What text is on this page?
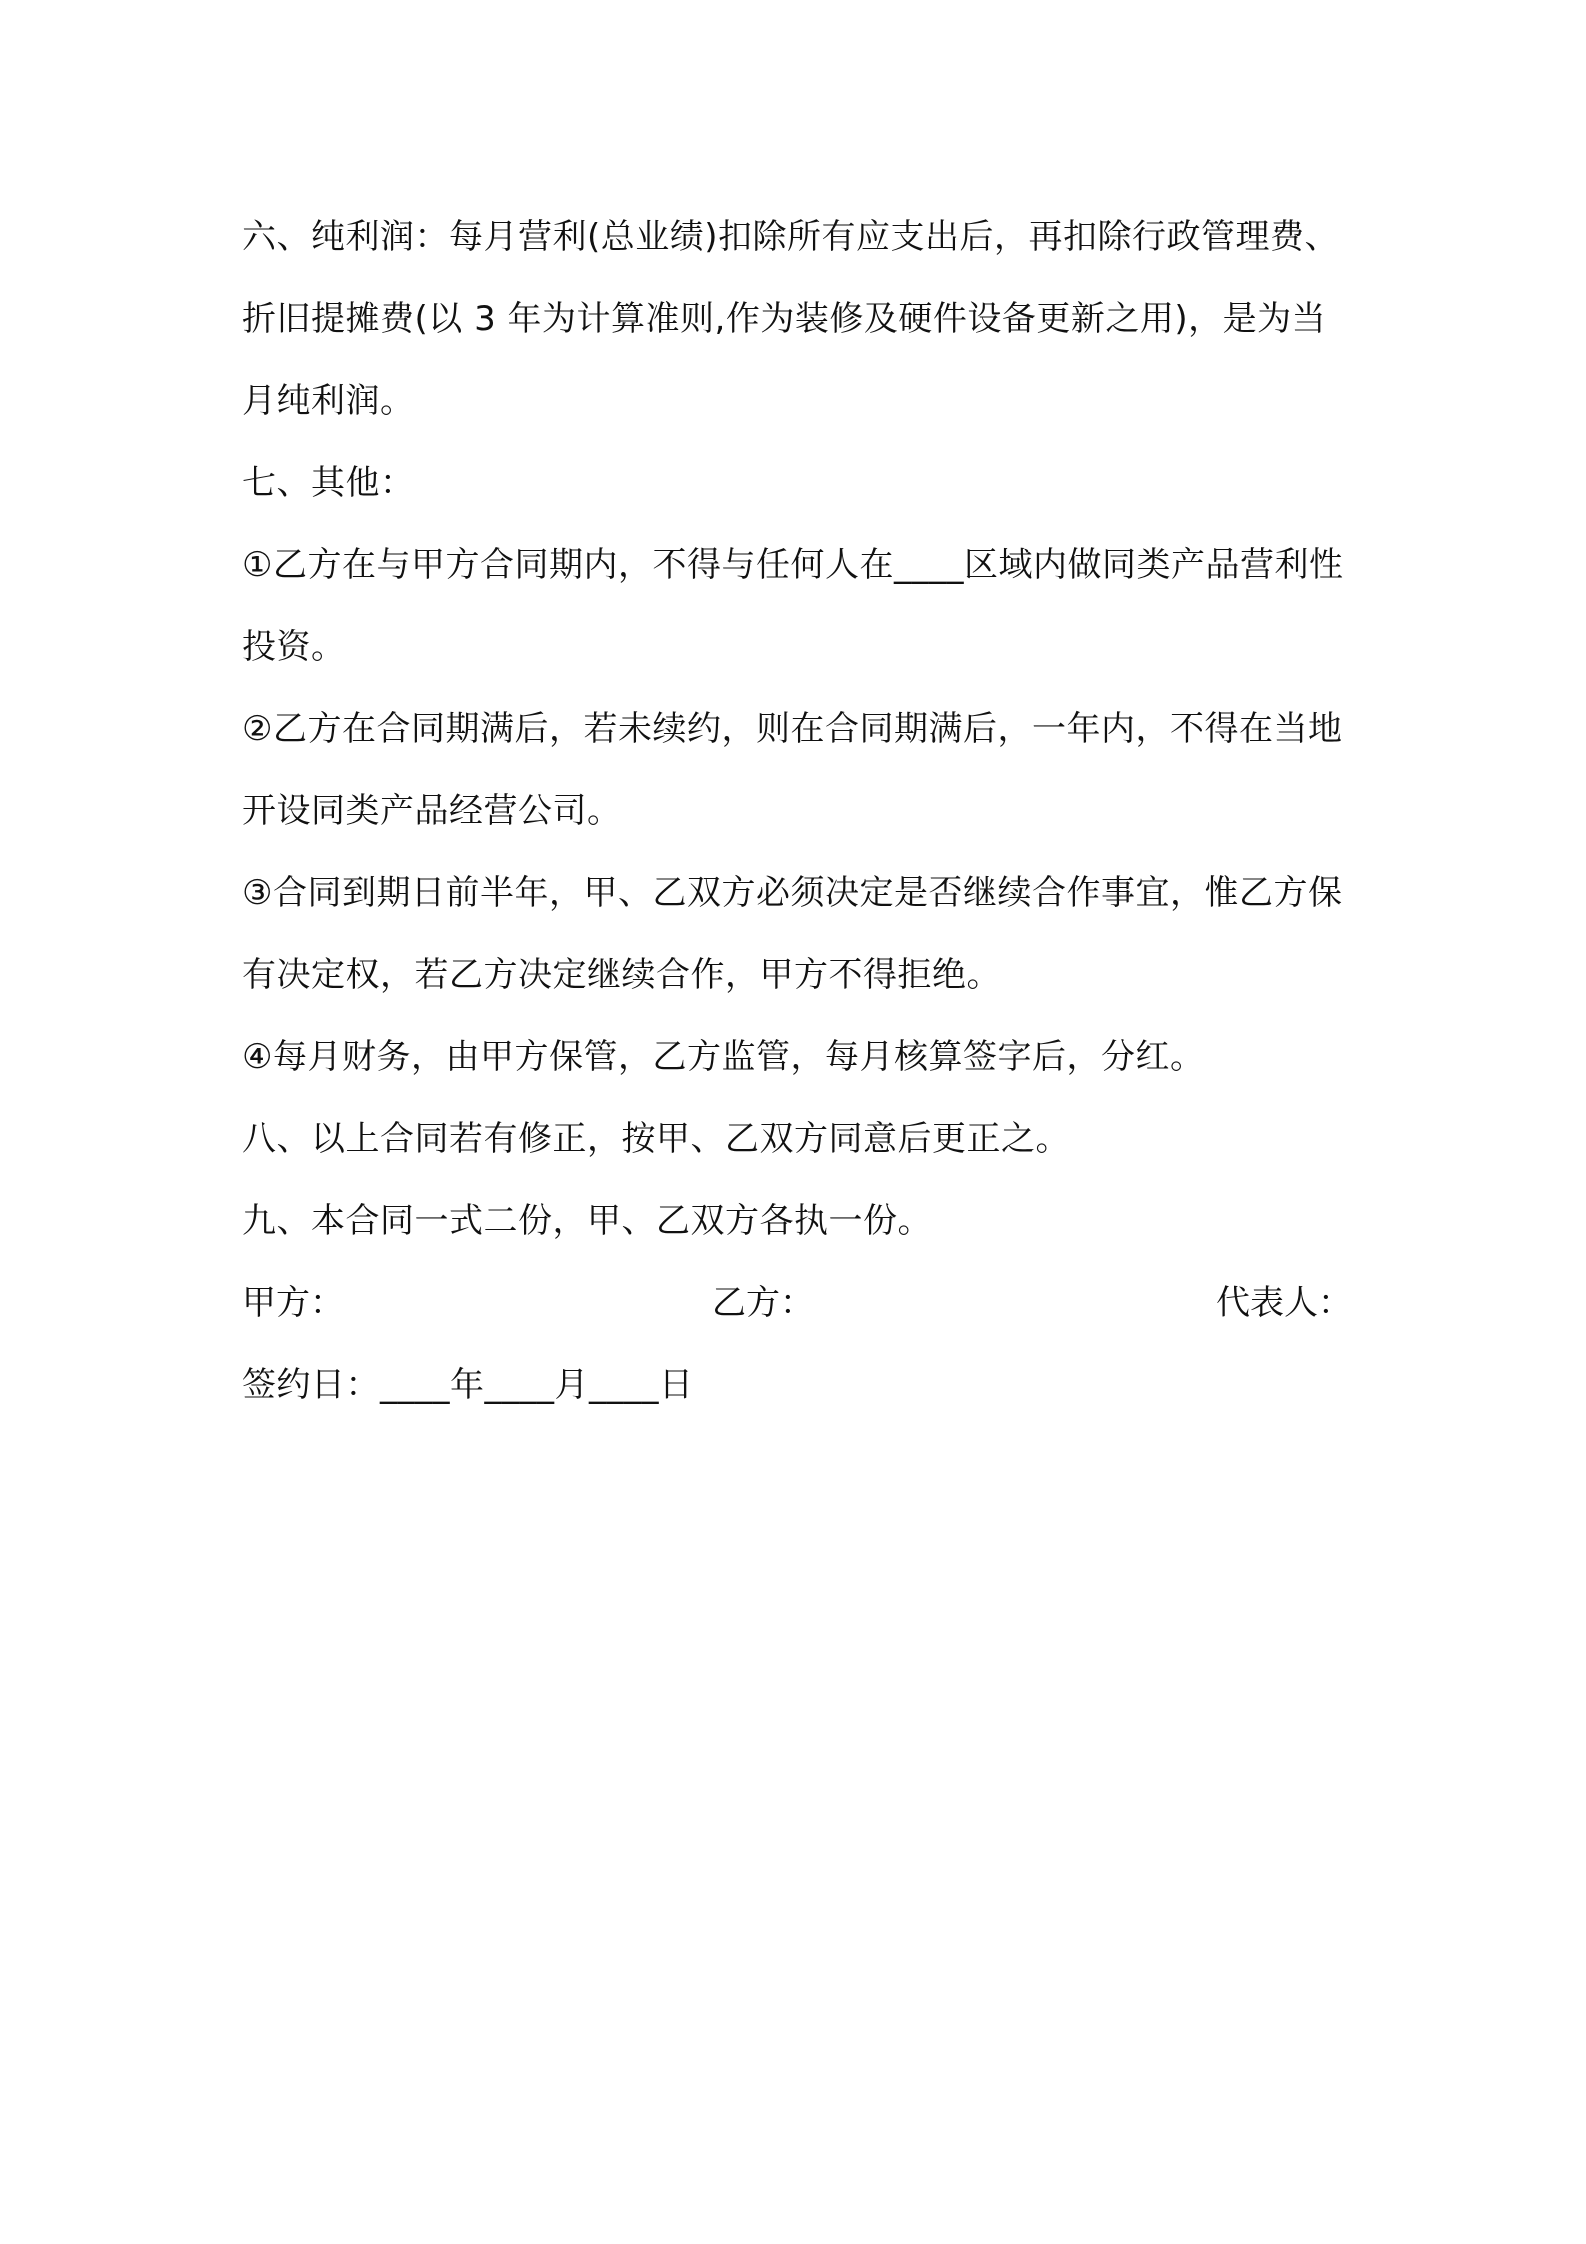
六、纯利润：每月营利(总业绩)扣除所有应支出后，再扣除行政管理费、折旧提摊费(以 3 年为计算准则,作为装修及硬件设备更新之用)，是为当月纯利润。

七、其他：

①乙方在与甲方合同期内，不得与任何人在____区域内做同类产品营利性投资。

②乙方在合同期满后，若未续约，则在合同期满后，一年内，不得在当地开设同类产品经营公司。

③合同到期日前半年，甲、乙双方必须决定是否继续合作事宜，惟乙方保有决定权，若乙方决定继续合作，甲方不得拒绝。

④每月财务，由甲方保管，乙方监管，每月核算签字后，分红。

八、以上合同若有修正，按甲、乙双方同意后更正之。

九、本合同一式二份，甲、乙双方各执一份。

甲方：	乙方：	代表人：

签约日：____年____月____日
